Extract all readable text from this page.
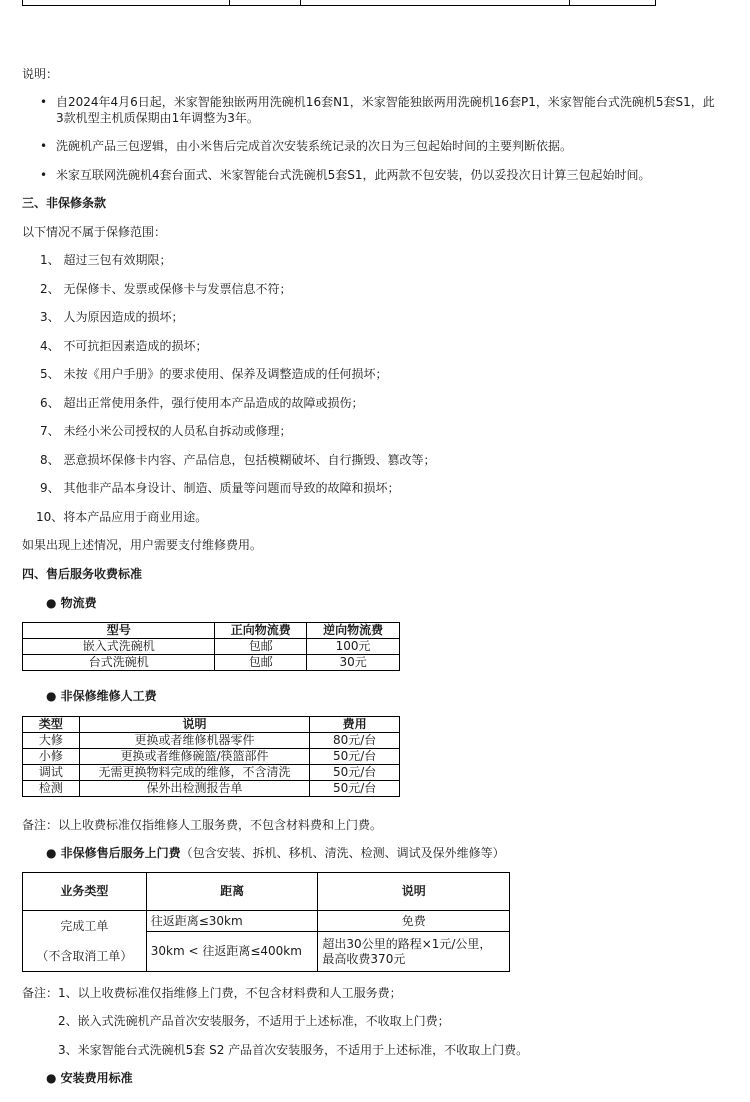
说明：
• 自2024年4月6日起，米家智能独嵌两用洗碗机16套N1，米家智能独嵌两用洗碗机16套P1，米家智能台式洗碗机5套S1，此
3款机型主机质保期由1年调整为3年。
• 洗碗机产品三包逻辑，由小米售后完成首次安装系统记录的次日为三包起始时间的主要判断依据。
• 米家互联网洗碗机4套台面式、米家智能台式洗碗机5套S1，此两款不包安装，仍以妥投次日计算三包起始时间。
三、非保修条款
以下情况不属于保修范围：
1、 超过三包有效期限；
2、 无保修卡、发票或保修卡与发票信息不符；
3、 人为原因造成的损坏；
4、 不可抗拒因素造成的损坏；
5、 未按《用户手册》的要求使用、保养及调整造成的任何损坏；
6、 超出正常使用条件，强行使用本产品造成的故障或损伤；
7、 未经小米公司授权的人员私自拆动或修理；
8、 恶意损坏保修卡内容、产品信息，包括模糊破坏、自行撕毁、篡改等；
9、 其他非产品本身设计、制造、质量等问题而导致的故障和损坏；
10、将本产品应用于商业用途。
如果出现上述情况，用户需要支付维修费用。
四、售后服务收费标准
● 物流费
型号	正向物流费	逆向物流费
嵌入式洗碗机	包邮	100元
台式洗碗机	包邮	30元
● 非保修维修人工费
类型	说明	费用
大修	更换或者维修机器零件	80元/台
小修	更换或者维修碗篮/筷篮部件	50元/台
调试	无需更换物料完成的维修，不含清洗	50元/台
检测	保外出检测报告单	50元/台
备注：以上收费标准仅指维修人工服务费，不包含材料费和上门费。
● 非保修售后服务上门费（包含安装、拆机、移机、清洗、检测、调试及保外维修等）
业务类型	距离	说明

完成工单
（不含取消工单）	往返距离≤30km	免费
	30km < 往返距离≤400km	超出30公里的路程×1元/公里，
最高收费370元
备注：1、以上收费标准仅指维修上门费，不包含材料费和人工服务费；
2、嵌入式洗碗机产品首次安装服务，不适用于上述标准，不收取上门费；
3、米家智能台式洗碗机5套 S2 产品首次安装服务，不适用于上述标准，不收取上门费。
● 安装费用标准
